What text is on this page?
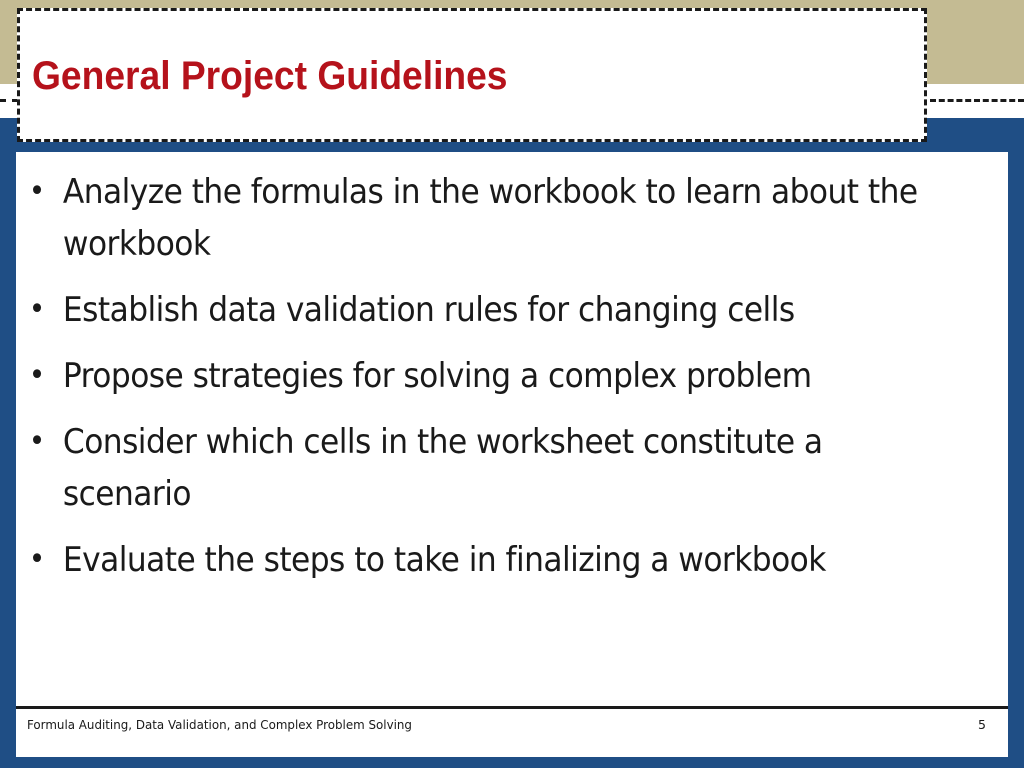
General Project Guidelines
• Analyze the formulas in the workbook to learn about the workbook
• Establish data validation rules for changing cells
• Propose strategies for solving a complex problem
• Consider which cells in the worksheet constitute a scenario
• Evaluate the steps to take in finalizing a workbook
Formula Auditing, Data Validation, and Complex Problem Solving	5
